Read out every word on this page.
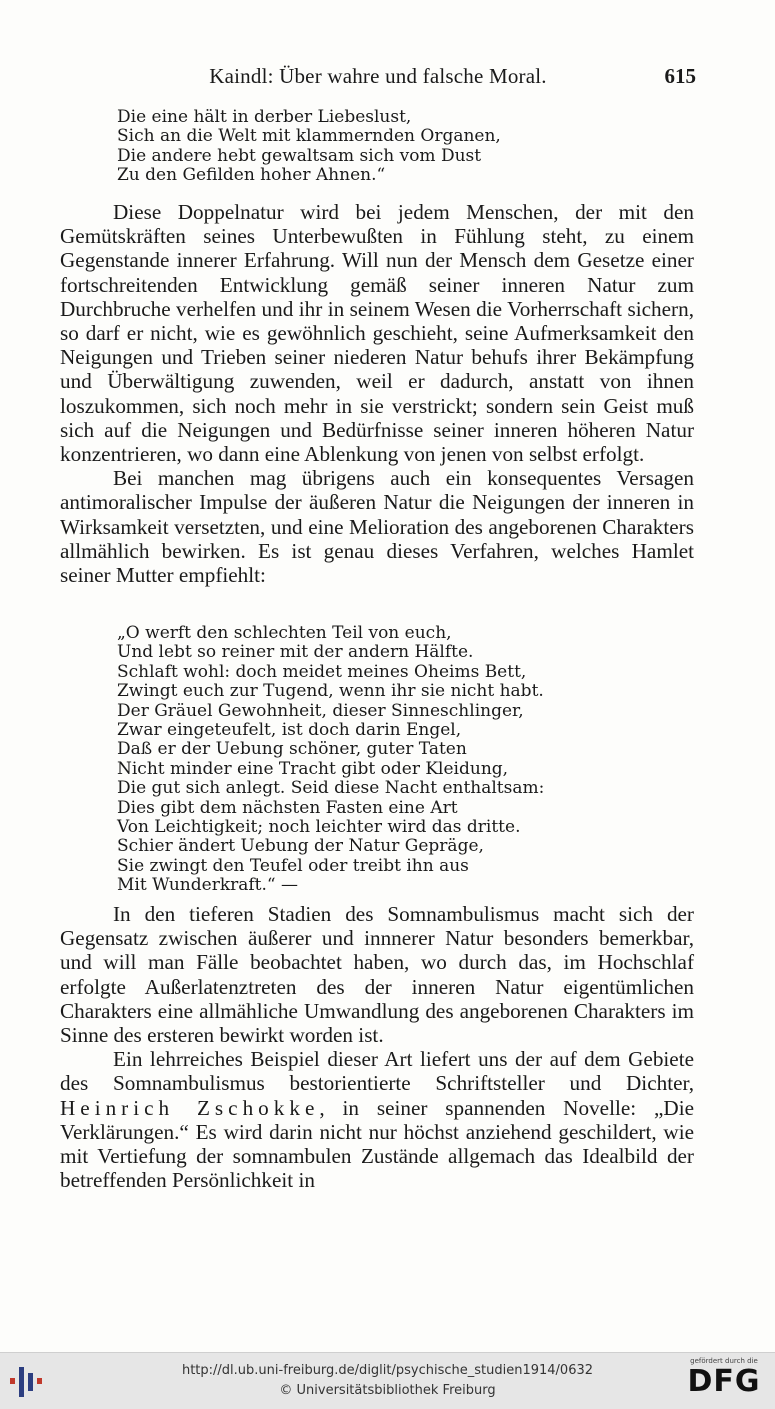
Kaindl: Über wahre und falsche Moral.	615
Die eine hält in derber Liebeslust,
Sich an die Welt mit klammernden Organen,
Die andere hebt gewaltsam sich vom Dust
Zu den Gefilden hoher Ahnen.“

Diese Doppelnatur wird bei jedem Menschen, der mit den Gemütskräften seines Unterbewußten in Fühlung steht, zu einem Gegenstande innerer Erfahrung. Will nun der Mensch dem Gesetze einer fortschreitenden Entwicklung gemäß seiner inneren Natur zum Durchbruche verhelfen und ihr in seinem Wesen die Vorherrschaft sichern, so darf er nicht, wie es gewöhnlich geschieht, seine Aufmerksamkeit den Neigungen und Trieben seiner niederen Natur behufs ihrer Bekämpfung und Überwältigung zuwenden, weil er dadurch, anstatt von ihnen loszukommen, sich noch mehr in sie verstrickt; sondern sein Geist muß sich auf die Neigungen und Bedürfnisse seiner inneren höheren Natur konzentrieren, wo dann eine Ablenkung von jenen von selbst erfolgt.

Bei manchen mag übrigens auch ein konsequentes Versagen antimoralischer Impulse der äußeren Natur die Neigungen der inneren in Wirksamkeit versetzten, und eine Melioration des angeborenen Charakters allmählich bewirken. Es ist genau dieses Verfahren, welches Hamlet seiner Mutter empfiehlt:

„O werft den schlechten Teil von euch,
Und lebt so reiner mit der andern Hälfte.
Schlaft wohl: doch meidet meines Oheims Bett,
Zwingt euch zur Tugend, wenn ihr sie nicht habt.
Der Gräuel Gewohnheit, dieser Sinneschlinger,
Zwar eingeteufelt, ist doch darin Engel,
Daß er der Uebung schöner, guter Taten
Nicht minder eine Tracht gibt oder Kleidung,
Die gut sich anlegt. Seid diese Nacht enthaltsam:
Dies gibt dem nächsten Fasten eine Art
Von Leichtigkeit; noch leichter wird das dritte.
Schier ändert Uebung der Natur Gepräge,
Sie zwingt den Teufel oder treibt ihn aus
Mit Wunderkraft.“ —

In den tieferen Stadien des Somnambulismus macht sich der Gegensatz zwischen äußerer und innnerer Natur besonders bemerkbar, und will man Fälle beobachtet haben, wo durch das, im Hochschlaf erfolgte Außerlatenztreten des der inneren Natur eigentümlichen Charakters eine allmähliche Umwandlung des angeborenen Charakters im Sinne des ersteren bewirkt worden ist.

Ein lehrreiches Beispiel dieser Art liefert uns der auf dem Gebiete des Somnambulismus bestorientierte Schriftsteller und Dichter, Heinrich Zschokke, in seiner spannenden Novelle: „Die Verklärungen.“ Es wird darin nicht nur höchst anziehend geschildert, wie mit Vertiefung der somnambulen Zustände allgemach das Idealbild der betreffenden Persönlichkeit in

http://dl.ub.uni-freiburg.de/diglit/psychische_studien1914/0632
© Universitätsbibliothek Freiburg
gefördert durch die
DFG
